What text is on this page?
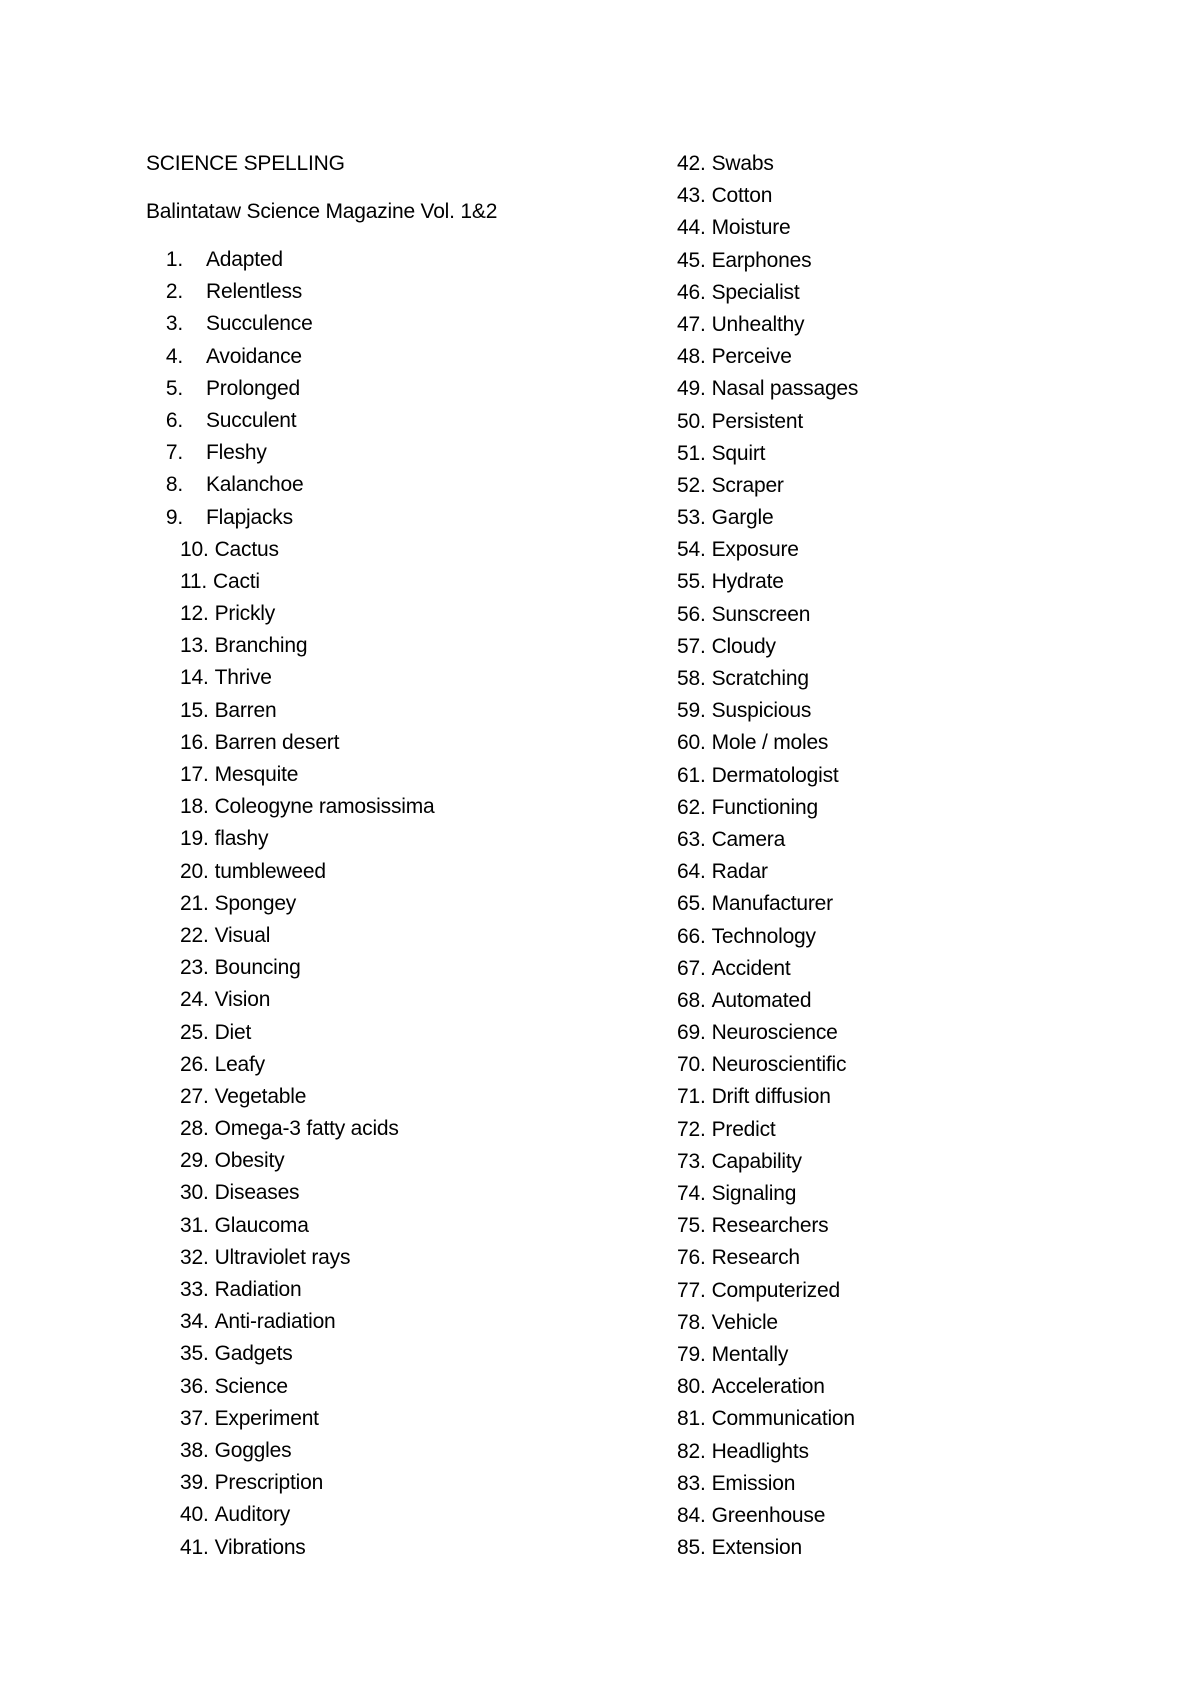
SCIENCE SPELLING
Balintataw Science Magazine Vol. 1&2
1. Adapted
2. Relentless
3. Succulence
4. Avoidance
5. Prolonged
6. Succulent
7. Fleshy
8. Kalanchoe
9. Flapjacks
10. Cactus
11. Cacti
12. Prickly
13. Branching
14. Thrive
15. Barren
16. Barren desert
17. Mesquite
18. Coleogyne ramosissima
19. flashy
20. tumbleweed
21. Spongey
22. Visual
23. Bouncing
24. Vision
25. Diet
26. Leafy
27. Vegetable
28. Omega-3 fatty acids
29. Obesity
30. Diseases
31. Glaucoma
32. Ultraviolet rays
33. Radiation
34. Anti-radiation
35. Gadgets
36. Science
37. Experiment
38. Goggles
39. Prescription
40. Auditory
41. Vibrations
42. Swabs
43. Cotton
44. Moisture
45. Earphones
46. Specialist
47. Unhealthy
48. Perceive
49. Nasal passages
50. Persistent
51. Squirt
52. Scraper
53. Gargle
54. Exposure
55. Hydrate
56. Sunscreen
57. Cloudy
58. Scratching
59. Suspicious
60. Mole / moles
61. Dermatologist
62. Functioning
63. Camera
64. Radar
65. Manufacturer
66. Technology
67. Accident
68. Automated
69. Neuroscience
70. Neuroscientific
71. Drift diffusion
72. Predict
73. Capability
74. Signaling
75. Researchers
76. Research
77. Computerized
78. Vehicle
79. Mentally
80. Acceleration
81. Communication
82. Headlights
83. Emission
84. Greenhouse
85. Extension
